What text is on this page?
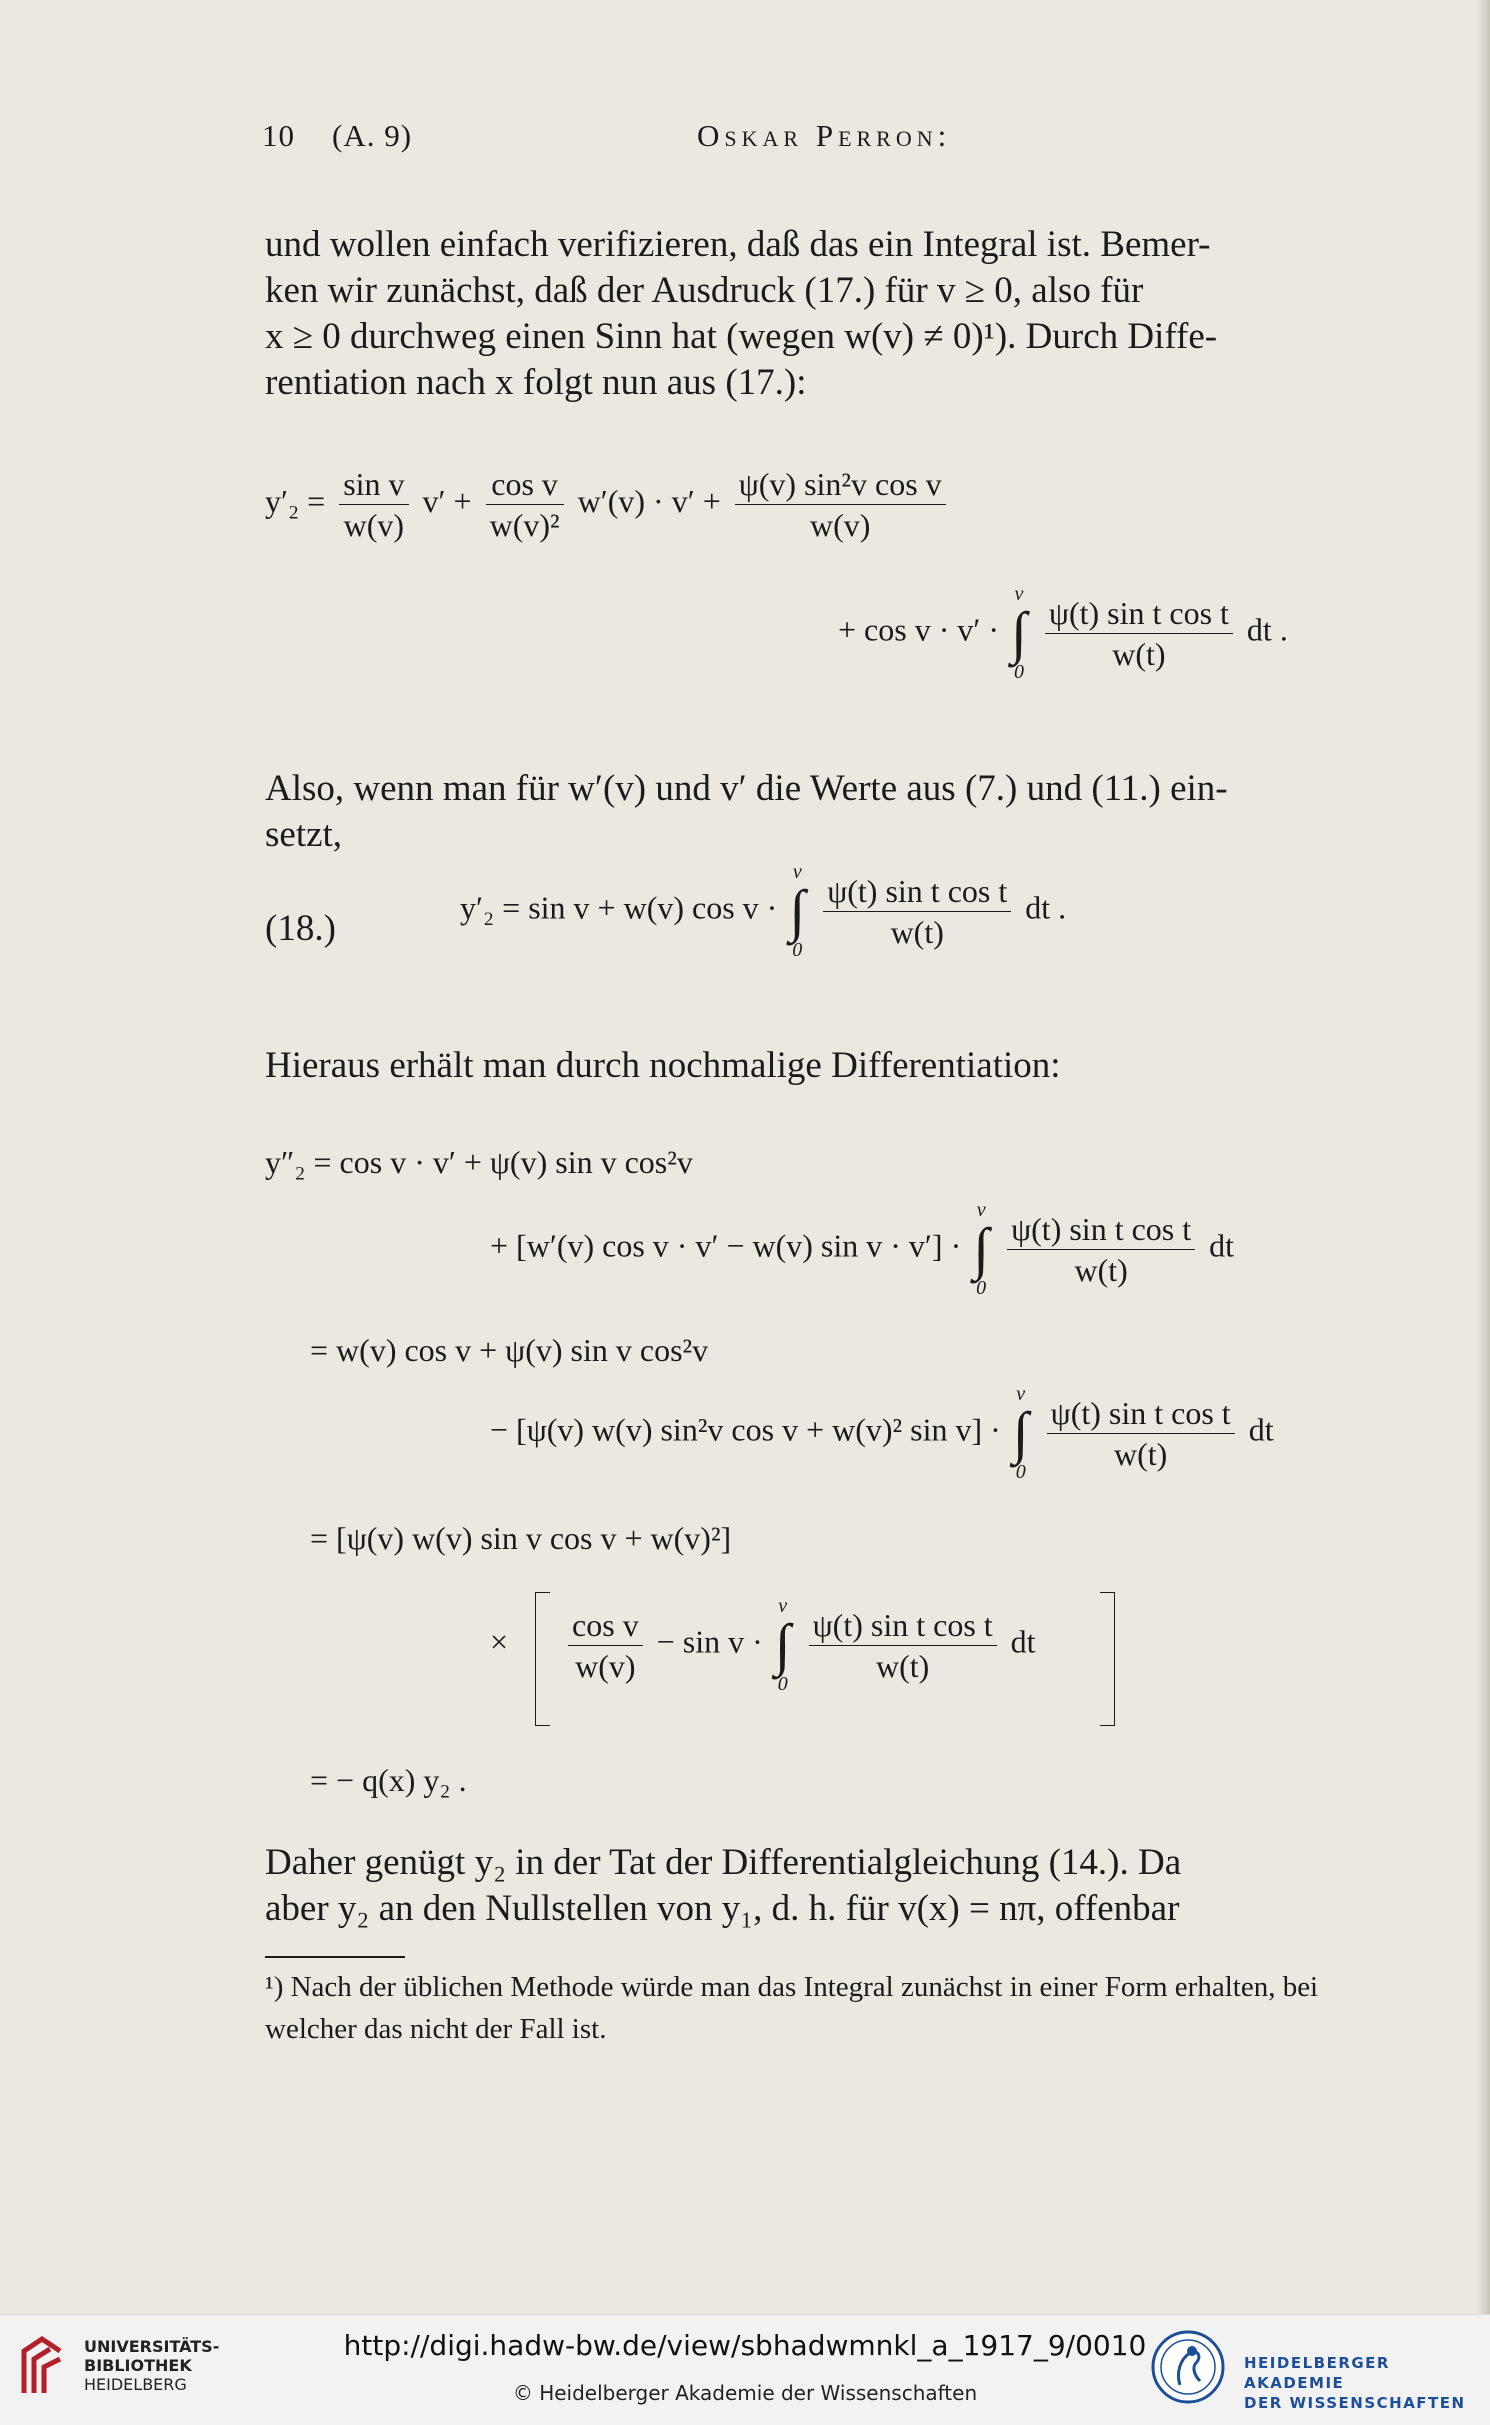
10 (A. 9)	Oskar Perron:

und wollen einfach verifizieren, daß das ein Integral ist. Bemer-

ken wir zunächst, daß der Ausdruck (17.) für v ≥ 0, also für

x ≥ 0 durchweg einen Sinn hat (wegen w(v) ≠ 0)¹). Durch Diffe-

rentiation nach x folgt nun aus (17.):

$y'_2 = \frac{\text{sin v}}{w(v)} v' + \frac{\text{cos v}}{\text{w(v)²}} w'(v) \cdot v' + \frac{\text{ψ(v) sin²v cos v}}{w(v)}$
+ cos v · v′ ·
v
∫
0

$\frac{\text{ψ(t) sin t cos t}}{w(t)}$ dt .

Also, wenn man für w′(v) und v′ die Werte aus (7.) und (11.) ein-

setzt,

(18.)
y′₂ = sin v + w(v) cos v ·
v
∫
0

$\frac{\text{ψ(t) sin t cos t}}{w(t)}$ dt .

Hieraus erhält man durch nochmalige Differentiation:

y″₂ = cos v · v′ + ψ(v) sin v cos²v
+ [w′(v) cos v · v′ − w(v) sin v · v′] ·
v
∫
0

$\frac{\text{ψ(t) sin t cos t}}{w(t)}$ dt
= w(v) cos v + ψ(v) sin v cos²v
− [ψ(v) w(v) sin²v cos v + w(v)² sin v] ·
v
∫
0

$\frac{\text{ψ(t) sin t cos t}}{w(t)}$ dt
= [ψ(v) w(v) sin v cos v + w(v)²]
× $\frac{\text{cos v}}{w(v)} - \sin v$ ·
v
∫
0

$\frac{\text{ψ(t) sin t cos t}}{w(t)}$ dt
= − q(x) y₂ .

Daher genügt y₂ in der Tat der Differentialgleichung (14.). Da

aber y₂ an den Nullstellen von y₁, d. h. für v(x) = nπ, offenbar

¹) Nach der üblichen Methode würde man das Integral zunächst in einer Form erhalten, bei welcher das nicht der Fall ist.

UNIVERSITÄTS-
BIBLIOTHEK
HEIDELBERG
http://digi.hadw-bw.de/view/sbhadwmnkl_a_1917_9/0010
© Heidelberger Akademie der Wissenschaften
HEIDELBERGER AKADEMIE
DER WISSENSCHAFTEN
